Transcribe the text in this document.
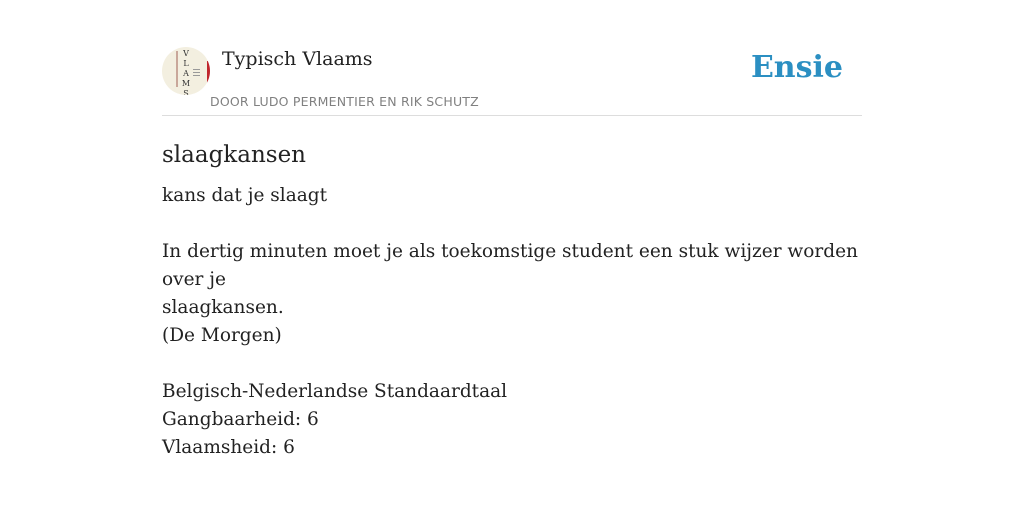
V
L
A
M
S
Typisch Vlaams
DOOR LUDO PERMENTIER EN RIK SCHUTZ
Ensie
slaagkansen
kans dat je slaagt
In dertig minuten moet je als toekomstige student een stuk wijzer worden over je
slaagkansen.
(De Morgen)
Belgisch-Nederlandse Standaardtaal
Gangbaarheid: 6
Vlaamsheid: 6
